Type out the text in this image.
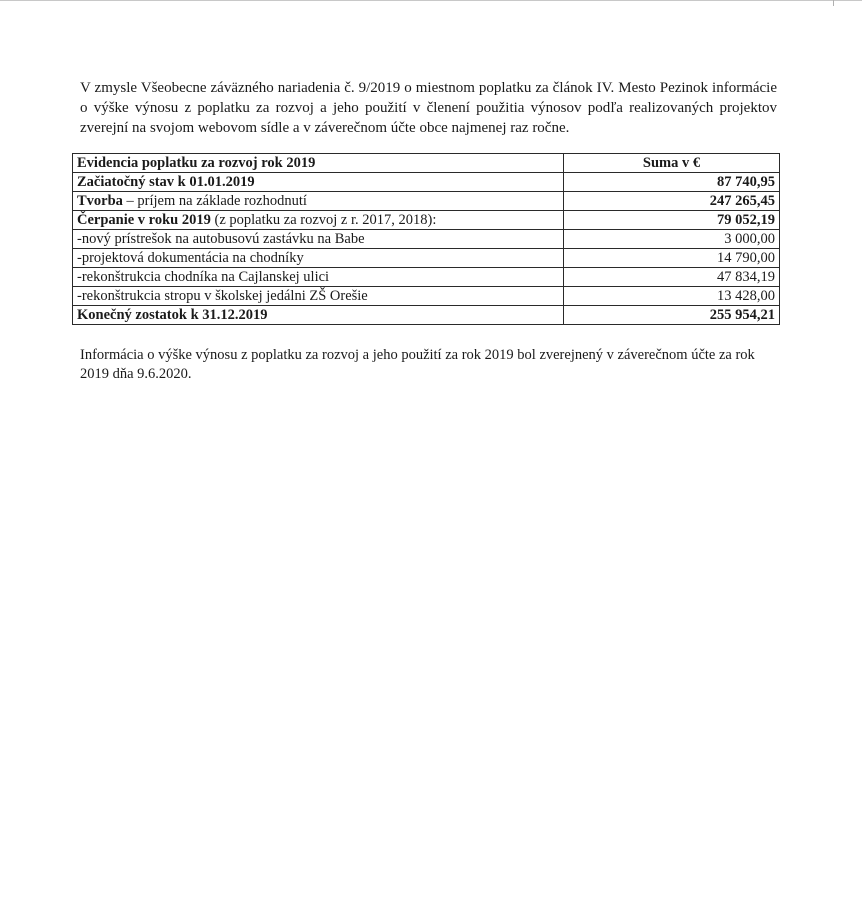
V zmysle Všeobecne záväzného nariadenia č. 9/2019 o miestnom poplatku za článok IV. Mesto Pezinok informácie o výške výnosu z poplatku za rozvoj a jeho použití v členení použitia výnosov podľa realizovaných projektov zverejní na svojom webovom sídle a v záverečnom účte obce najmenej raz ročne.

Evidencia poplatku za rozvoj rok 2019	Suma v €
Začiatočný stav k 01.01.2019	87 740,95
Tvorba – príjem na základe rozhodnutí	247 265,45
Čerpanie v roku 2019 (z poplatku za rozvoj z r. 2017, 2018):	79 052,19
-nový prístrešok na autobusovú zastávku na Babe	3 000,00
-projektová dokumentácia na chodníky	14 790,00
-rekonštrukcia chodníka na Cajlanskej ulici	47 834,19
-rekonštrukcia stropu v školskej jedálni ZŠ Orešie	13 428,00
Konečný zostatok k 31.12.2019	255 954,21

Informácia o výške výnosu z poplatku za rozvoj a jeho použití za rok 2019 bol zverejnený v záverečnom účte za rok 2019 dňa 9.6.2020.
